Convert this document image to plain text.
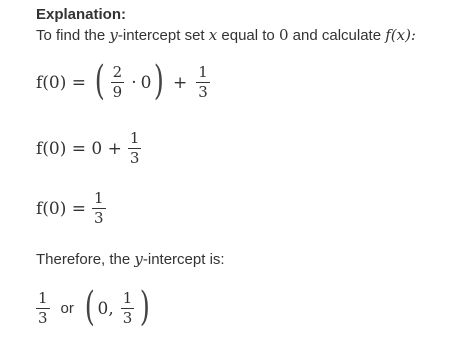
Explanation:
To find the y-intercept set x equal to 0 and calculate f(x):
f(0) = ( $\frac{2}{9} \cdot 0$ ) + $\frac{1}{3}$
$f(0) = 0 + \frac{1}{3}$
$f(0) = \frac{1}{3}$
Therefore, the y-intercept is:
$\frac{1}{3}$ or ( 0, $\frac{1}{3}$ )
